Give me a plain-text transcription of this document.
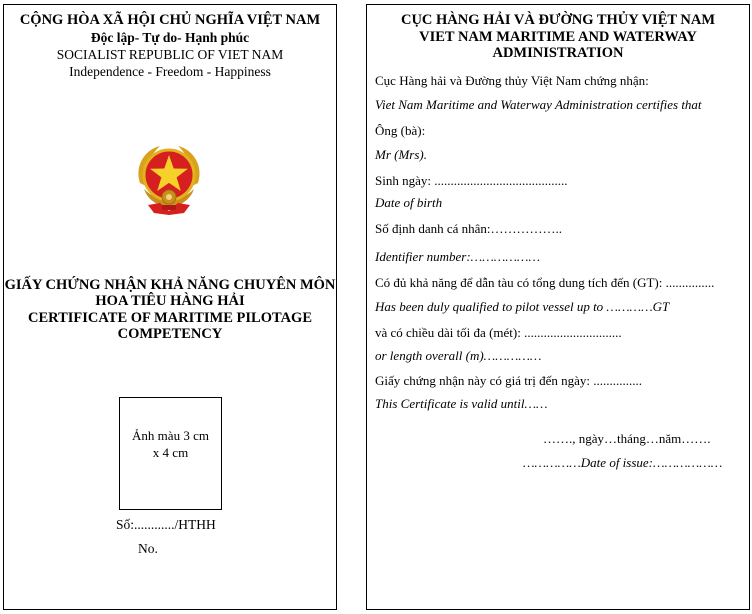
CỘNG HÒA XÃ HỘI CHỦ NGHĨA VIỆT NAM
Độc lập- Tự do- Hạnh phúc
SOCIALIST REPUBLIC OF VIET NAM
Independence - Freedom - Happiness
GIẤY CHỨNG NHẬN KHẢ NĂNG CHUYÊN MÔN
HOA TIÊU HÀNG HẢI
CERTIFICATE OF MARITIME PILOTAGE
COMPETENCY
Ảnh màu 3 cm
x 4 cm
Số:............/HTHH
No.
CỤC HÀNG HẢI VÀ ĐƯỜNG THỦY VIỆT NAM
VIET NAM MARITIME AND WATERWAY
ADMINISTRATION
Cục Hàng hải và Đường thủy Việt Nam chứng nhận:
Viet Nam Maritime and Waterway Administration certifies that
Ông (bà):
Mr (Mrs).
Sinh ngày: .........................................
Date of birth
Số định danh cá nhân:……………..
Identifier number:………………
Có đủ khả năng để dẫn tàu có tổng dung tích đến (GT): ...............
Has been duly qualified to pilot vessel up to …………GT
và có chiều dài tối đa (mét): ..............................
or length overall (m)……………
Giấy chứng nhận này có giá trị đến ngày: ...............
This Certificate is valid until……
……., ngày…tháng…năm…….
……………Date of issue:………………
